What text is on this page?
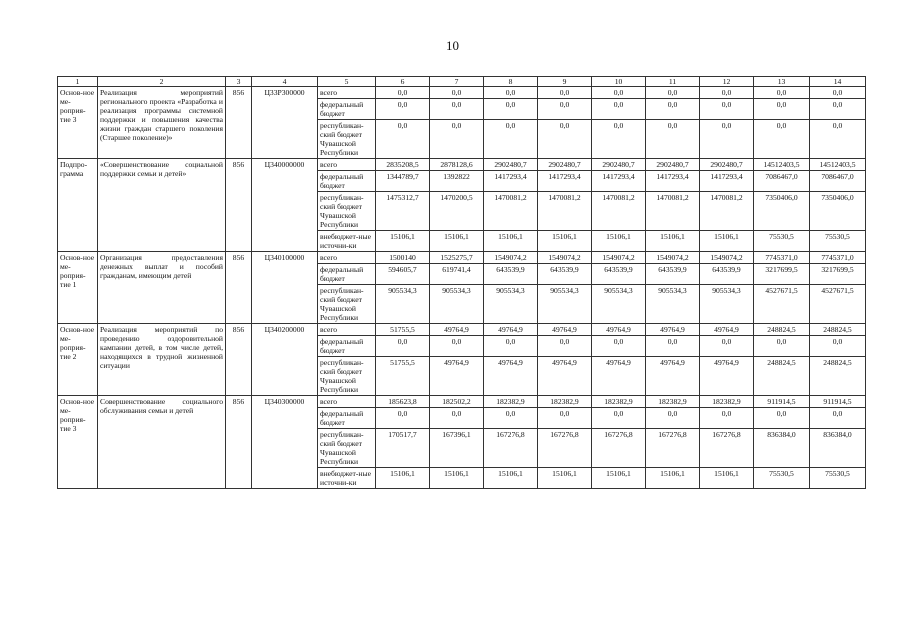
10
1	2	3	4	5	6	7	8	9	10	11	12	13	14
Основ-ное ме-роприя-тие 3	Реализация мероприятий регионального проекта «Разработка и реализация программы системной поддержки и повышения качества жизни граждан старшего поколения (Старшее поколение)»	856	Ц33P300000	всего	0,0	0,0	0,0	0,0	0,0	0,0	0,0	0,0	0,0
				федеральный бюджет	0,0	0,0	0,0	0,0	0,0	0,0	0,0	0,0	0,0
				республикан-ский бюджет Чувашской Республики	0,0	0,0	0,0	0,0	0,0	0,0	0,0	0,0	0,0
Подпро-грамма	«Совершенствование социальной поддержки семьи и детей»	856	Ц340000000	всего	2835208,5	2878128,6	2902480,7	2902480,7	2902480,7	2902480,7	2902480,7	14512403,5	14512403,5
				федеральный бюджет	1344789,7	1392822	1417293,4	1417293,4	1417293,4	1417293,4	1417293,4	7086467,0	7086467,0
				республикан-ский бюджет Чувашской Республики	1475312,7	1470200,5	1470081,2	1470081,2	1470081,2	1470081,2	1470081,2	7350406,0	7350406,0
				внебюджет-ные источни-ки	15106,1	15106,1	15106,1	15106,1	15106,1	15106,1	15106,1	75530,5	75530,5
Основ-ное ме-роприя-тие 1	Организация предоставления денежных выплат и пособий гражданам, имеющим детей	856	Ц340100000	всего	1500140	1525275,7	1549074,2	1549074,2	1549074,2	1549074,2	1549074,2	7745371,0	7745371,0
				федеральный бюджет	594605,7	619741,4	643539,9	643539,9	643539,9	643539,9	643539,9	3217699,5	3217699,5
				республикан-ский бюджет Чувашской Республики	905534,3	905534,3	905534,3	905534,3	905534,3	905534,3	905534,3	4527671,5	4527671,5
Основ-ное ме-роприя-тие 2	Реализация мероприятий по проведению оздоровительной кампании детей, в том числе детей, находящихся в трудной жизненной ситуации	856	Ц340200000	всего	51755,5	49764,9	49764,9	49764,9	49764,9	49764,9	49764,9	248824,5	248824,5
				федеральный бюджет	0,0	0,0	0,0	0,0	0,0	0,0	0,0	0,0	0,0
				республикан-ский бюджет Чувашской Республики	51755,5	49764,9	49764,9	49764,9	49764,9	49764,9	49764,9	248824,5	248824,5
Основ-ное ме-роприя-тие 3	Совершенствование социального обслуживания семьи и детей	856	Ц340300000	всего	185623,8	182502,2	182382,9	182382,9	182382,9	182382,9	182382,9	911914,5	911914,5
				федеральный бюджет	0,0	0,0	0,0	0,0	0,0	0,0	0,0	0,0	0,0
				республикан-ский бюджет Чувашской Республики	170517,7	167396,1	167276,8	167276,8	167276,8	167276,8	167276,8	836384,0	836384,0
				внебюджет-ные источни-ки	15106,1	15106,1	15106,1	15106,1	15106,1	15106,1	15106,1	75530,5	75530,5
